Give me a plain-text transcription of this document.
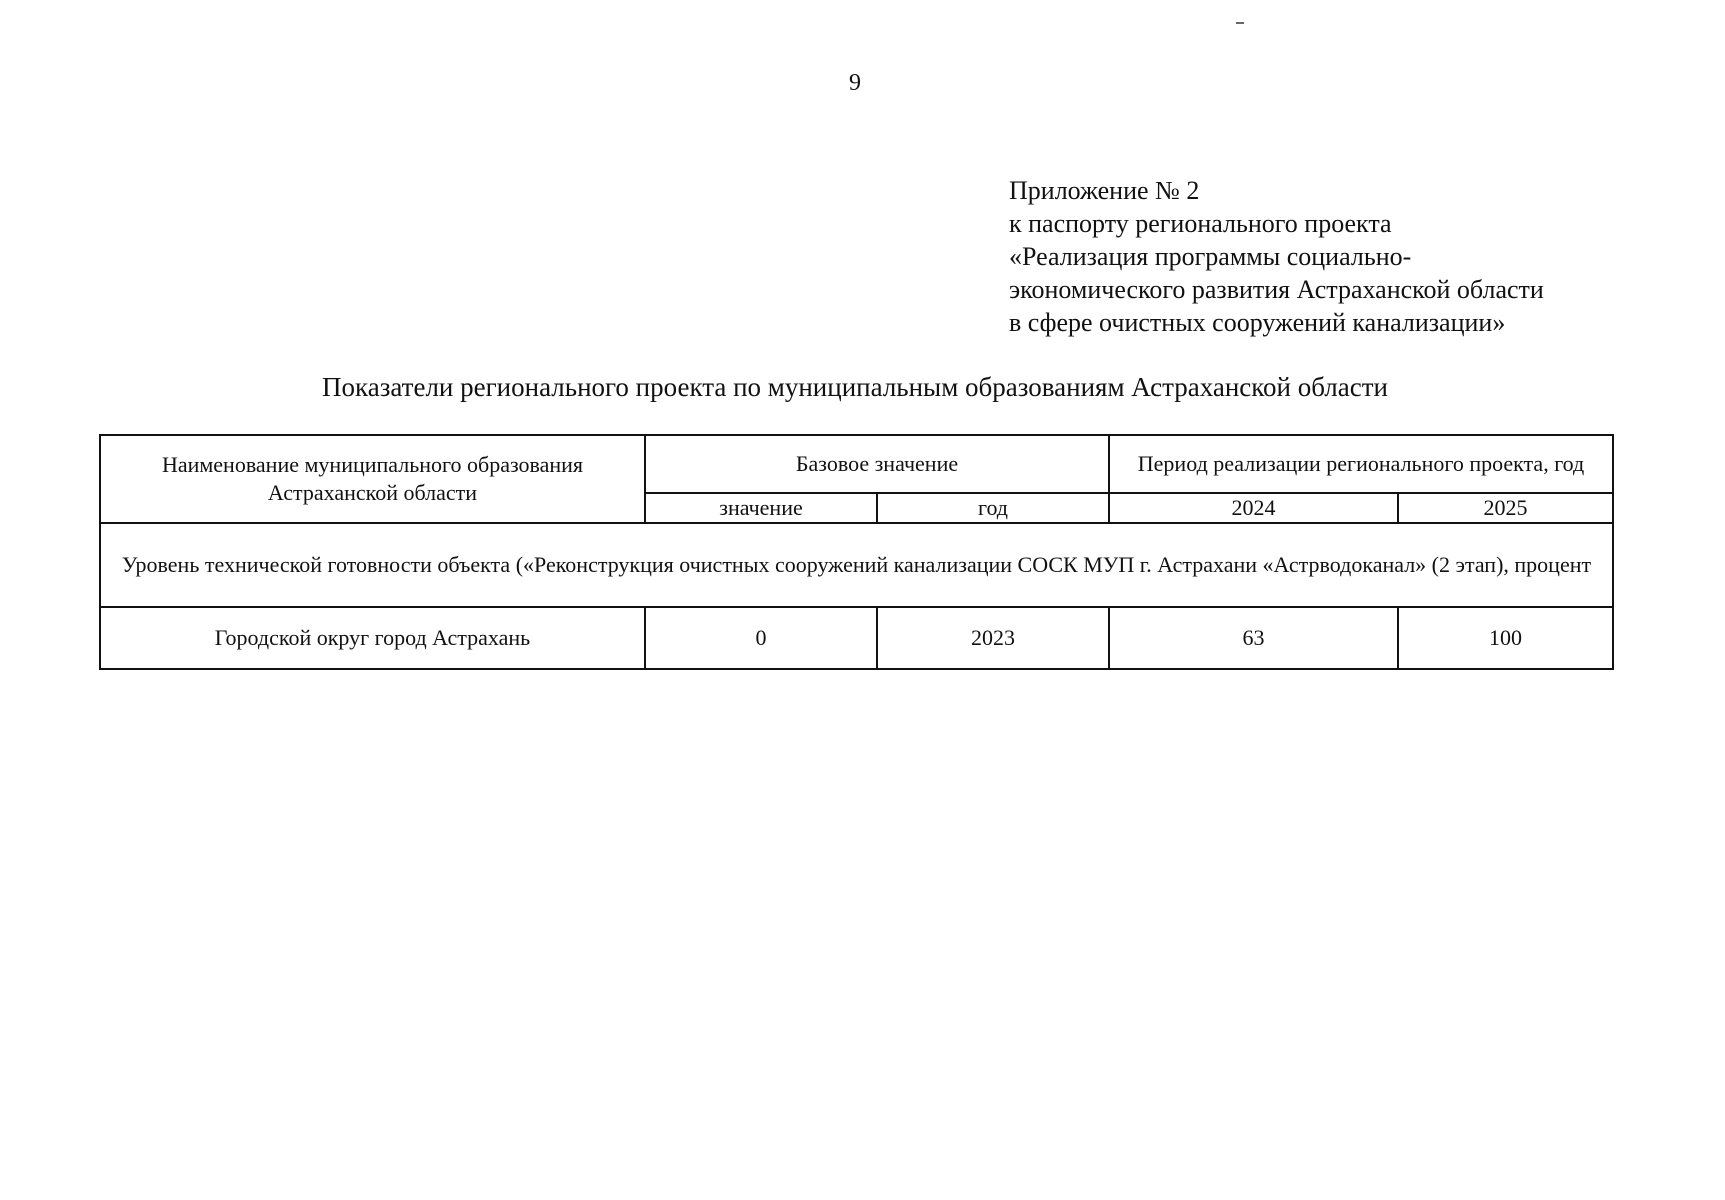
9
Приложение № 2
к паспорту регионального проекта
«Реализация программы социально-
экономического развития Астраханской области
в сфере очистных сооружений канализации»
Показатели регионального проекта по муниципальным образованиям Астраханской области
Наименование муниципального образования Астраханской области	Базовое значение		Период реализации регионального проекта, год	
	значение	год	2024	2025
Уровень технической готовности объекта («Реконструкция очистных сооружений канализации СОСК МУП г. Астрахани «Астрводоканал» (2 этап), процент				
Городской округ город Астрахань	0	2023	63	100
